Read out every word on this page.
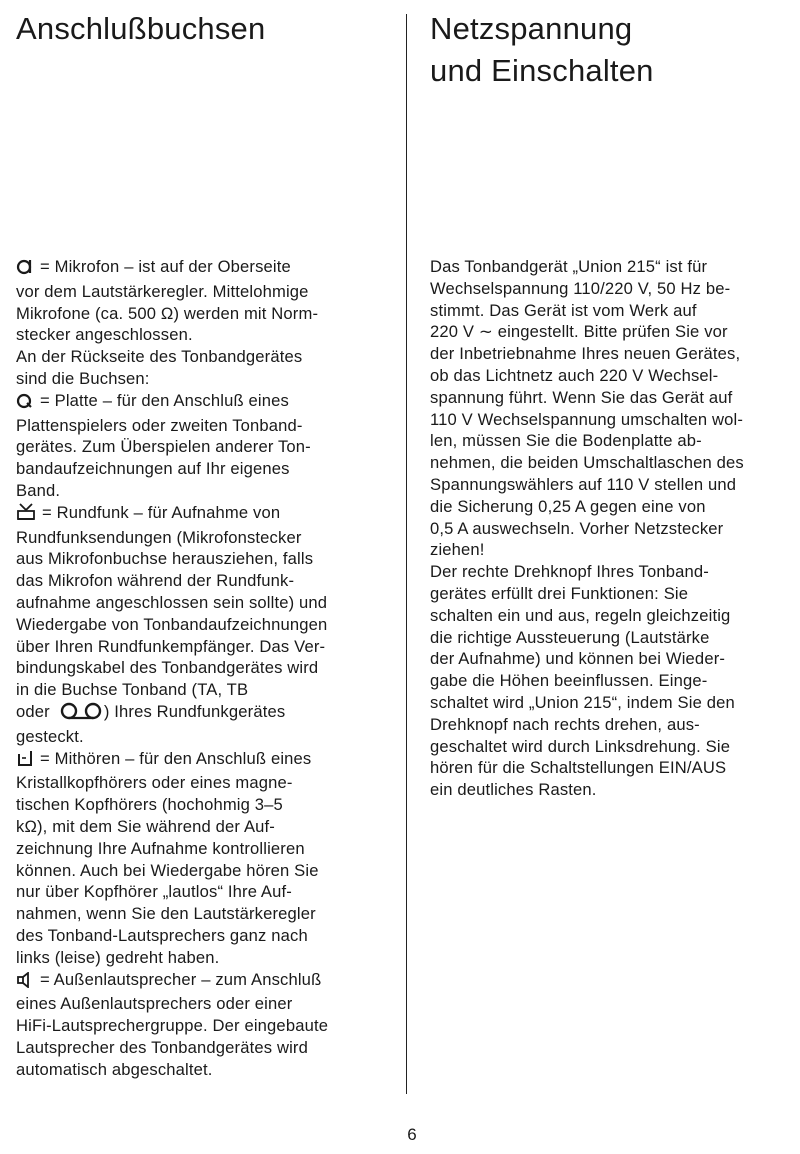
Anschlußbuchsen
= Mikrofon – ist auf der Oberseite
vor dem Lautstärkeregler. Mittelohmige
Mikrofone (ca. 500 Ω) werden mit Norm-
stecker angeschlossen.
An der Rückseite des Tonbandgerätes
sind die Buchsen:
= Platte – für den Anschluß eines
Plattenspielers oder zweiten Tonband-
gerätes. Zum Überspielen anderer Ton-
bandaufzeichnungen auf Ihr eigenes
Band.
= Rundfunk – für Aufnahme von
Rundfunksendungen (Mikrofonstecker
aus Mikrofonbuchse herausziehen, falls
das Mikrofon während der Rundfunk-
aufnahme angeschlossen sein sollte) und
Wiedergabe von Tonbandaufzeichnungen
über Ihren Rundfunkempfänger. Das Ver-
bindungskabel des Tonbandgerätes wird
in die Buchse Tonband (TA, TB
oder	) Ihres Rundfunkgerätes
gesteckt.
= Mithören – für den Anschluß eines
Kristallkopfhörers oder eines magne-
tischen Kopfhörers (hochohmig 3–5
kΩ), mit dem Sie während der Auf-
zeichnung Ihre Aufnahme kontrollieren
können. Auch bei Wiedergabe hören Sie
nur über Kopfhörer „lautlos“ Ihre Auf-
nahmen, wenn Sie den Lautstärkeregler
des Tonband-Lautsprechers ganz nach
links (leise) gedreht haben.
= Außenlautsprecher – zum Anschluß
eines Außenlautsprechers oder einer
HiFi-Lautsprechergruppe. Der eingebaute
Lautsprecher des Tonbandgerätes wird
automatisch abgeschaltet.
Netzspannung
und Einschalten
Das Tonbandgerät „Union 215“ ist für
Wechselspannung 110/220 V, 50 Hz be-
stimmt. Das Gerät ist vom Werk auf
220 V ∼ eingestellt. Bitte prüfen Sie vor
der Inbetriebnahme Ihres neuen Gerätes,
ob das Lichtnetz auch 220 V Wechsel-
spannung führt. Wenn Sie das Gerät auf
110 V Wechselspannung umschalten wol-
len, müssen Sie die Bodenplatte ab-
nehmen, die beiden Umschaltlaschen des
Spannungswählers auf 110 V stellen und
die Sicherung 0,25 A gegen eine von
0,5 A auswechseln. Vorher Netzstecker
ziehen!
Der rechte Drehknopf Ihres Tonband-
gerätes erfüllt drei Funktionen: Sie
schalten ein und aus, regeln gleichzeitig
die richtige Aussteuerung (Lautstärke
der Aufnahme) und können bei Wieder-
gabe die Höhen beeinflussen. Einge-
schaltet wird „Union 215“, indem Sie den
Drehknopf nach rechts drehen, aus-
geschaltet wird durch Linksdrehung. Sie
hören für die Schaltstellungen EIN/AUS
ein deutliches Rasten.
6
